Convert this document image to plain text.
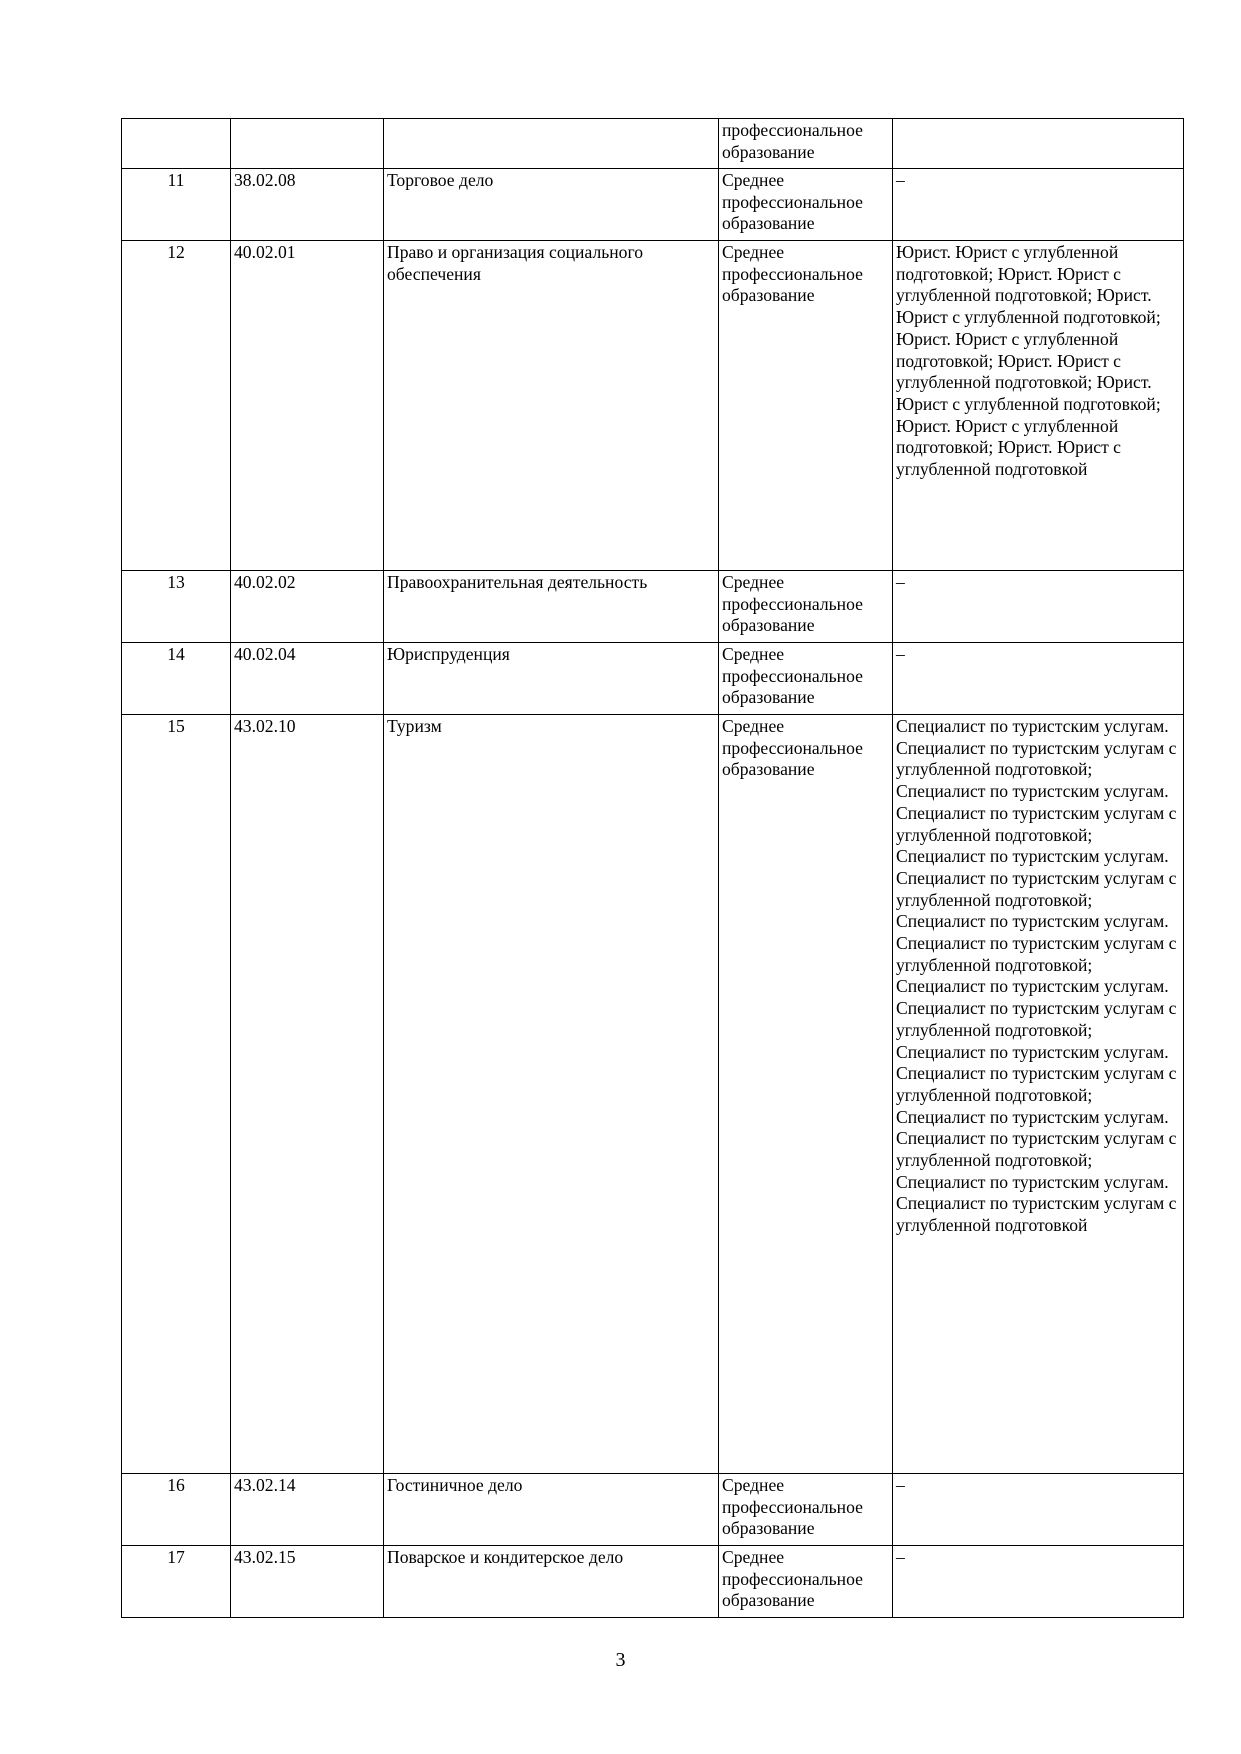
			профессиональное образование	
11	38.02.08	Торговое дело	Среднее профессиональное образование	–
12	40.02.01	Право и организация социального обеспечения	Среднее профессиональное образование	Юрист. Юрист с углубленной подготовкой; Юрист. Юрист с углубленной подготовкой; Юрист. Юрист с углубленной подготовкой; Юрист. Юрист с углубленной подготовкой; Юрист. Юрист с углубленной подготовкой; Юрист. Юрист с углубленной подготовкой; Юрист. Юрист с углубленной подготовкой; Юрист. Юрист с углубленной подготовкой
13	40.02.02	Правоохранительная деятельность	Среднее профессиональное образование	–
14	40.02.04	Юриспруденция	Среднее профессиональное образование	–
15	43.02.10	Туризм	Среднее профессиональное образование	Специалист по туристским услугам. Специалист по туристским услугам с углубленной подготовкой; Специалист по туристским услугам. Специалист по туристским услугам с углубленной подготовкой; Специалист по туристским услугам. Специалист по туристским услугам с углубленной подготовкой; Специалист по туристским услугам. Специалист по туристским услугам с углубленной подготовкой; Специалист по туристским услугам. Специалист по туристским услугам с углубленной подготовкой; Специалист по туристским услугам. Специалист по туристским услугам с углубленной подготовкой; Специалист по туристским услугам. Специалист по туристским услугам с углубленной подготовкой; Специалист по туристским услугам. Специалист по туристским услугам с углубленной подготовкой
16	43.02.14	Гостиничное дело	Среднее профессиональное образование	–
17	43.02.15	Поварское и кондитерское дело	Среднее профессиональное образование	–
3
